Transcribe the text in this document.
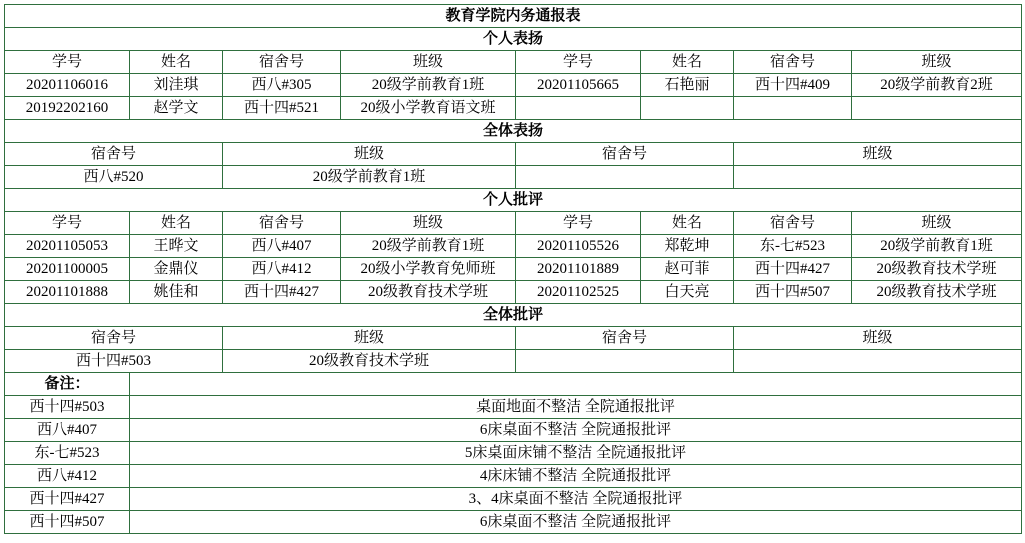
教育学院内务通报表							
个人表扬							
学号	姓名	宿舍号	班级	学号	姓名	宿舍号	班级
20201106016	刘洼琪	西八#305	20级学前教育1班	20201105665	石艳丽	西十四#409	20级学前教育2班
20192202160	赵学文	西十四#521	20级小学教育语文班				
全体表扬							
宿舍号		班级		宿舍号		班级	
西八#520		20级学前教育1班					
个人批评							
学号	姓名	宿舍号	班级	学号	姓名	宿舍号	班级
20201105053	王晔文	西八#407	20级学前教育1班	20201105526	郑乾坤	东-七#523	20级学前教育1班
20201100005	金鼎仪	西八#412	20级小学教育免师班	20201101889	赵可菲	西十四#427	20级教育技术学班
20201101888	姚佳和	西十四#427	20级教育技术学班	20201102525	白天亮	西十四#507	20级教育技术学班
全体批评							
宿舍号		班级		宿舍号		班级	
西十四#503		20级教育技术学班					
备注：							
西十四#503	桌面地面不整洁 全院通报批评						
西八#407	6床桌面不整洁 全院通报批评						
东-七#523	5床桌面床铺不整洁 全院通报批评						
西八#412	4床床铺不整洁 全院通报批评						
西十四#427	3、4床桌面不整洁 全院通报批评						
西十四#507	6床桌面不整洁 全院通报批评						
